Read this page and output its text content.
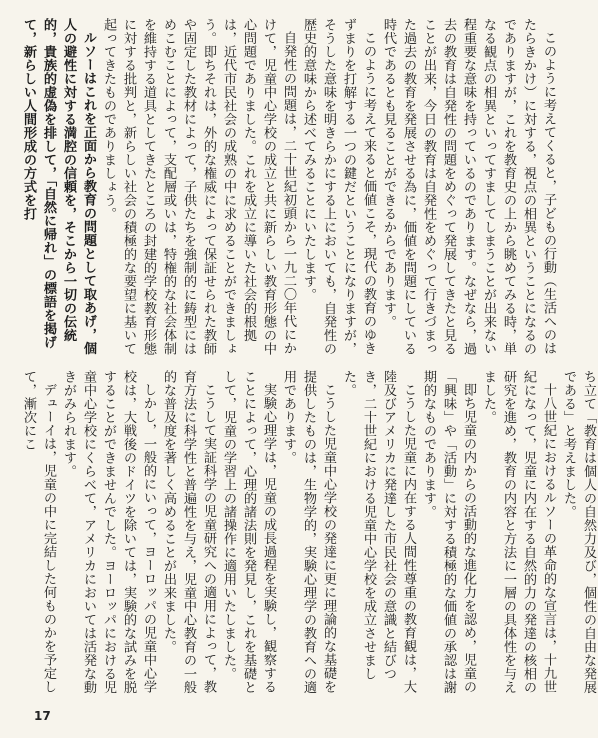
このように考えてくると，子どもの行動（生活へのはたらきかけ）に対する，視点の相異ということになるのでありますが，これを教育史の上から眺めてみる時，単なる観点の相異といってすましてしまうことが出来ない程重要な意味を持っているのであります。なぜなら，過去の教育は自発性の問題をめぐって発展してきたと見ることが出来，今日の教育は自発性をめぐって行きづまった過去の教育を発展させる為に，価値を問題にしている時代であるとも見ることができるからであります。

このように考えて来ると価値こそ，現代の教育のゆきずまりを打解する一つの鍵だということになりますが，そうした意味を明きらかにする上においても，自発性の歴史的意味から述べてみることにいたします。

自発性の問題は，二十世紀初頭から一九二〇年代にかけて，児童中心学校の成立と共に新らしい教育形態の中心問題でありました。これを成立に導いた社会的根拠は，近代市民社会の成熟の中に求めることができましょう。即ちそれは，外的な権威によって保証せられた教師や固定した教材によって，子供たちを強制的に鋳型にはめこむことによって，支配層或いは，特権的な社会体制を維持する道具としてきたところの封建的学校教育形態に対する批判と，新らしい社会の積極的な要望に基いて起ってきたものでありましょう。

ルソーはこれを正面から教育の問題として取あげ，個人の避性に対する満腔の信頼を，そこから一切の伝統的，貴族的虚偽を排して，「自然に帰れ」の標語を掲げて，新らしい人間形成の方式を打

ち立て「教育は個人の自然力及び，個性の自由な発展である」と考えました。

十八世紀におけるルソーの革命的な宣言は，十九世紀になって，児童に内在する自然的力の発達の核相の研究を進め，教育の内容と方法に一層の具体性を与えました。

即ち児童の内からの活動的な進化力を認め，児童の「興味」や「活動」に対する積極的な価値の承認は謝期的なものであります。

こうした児童に内在する人間性尊重の教育観は，大陸及びアメリカに発達した市民社会の意識と結びつき，二十世紀における児童中心学校を成立させました。

こうした児童中心学校の発達に更に理論的な基礎を提供したものは，生物学的，実験心理学の教育への適用であります。

実験心理学は，児童の成長過程を実験し，観察することによって，心理的諸法則を発見し，これを基礎として，児童の学習上の諸操作に適用いたしました。

こうして実証科学の児童研究への適用によって，教育方法に科学性と普遍性を与え，児童中心教育の一般的な普及度を著しく高めることが出来ました。

しかし，一般的にいって，ヨーロッパの児童中心学校は，大戦後のドイツを除いては，実験的な試みを脱することができませんでした。ヨーロッパにおける児童中心学校にくらべて，アメリカにおいては活発な動きがみられます。

デューイは，児童の中に完結した何ものかを予定して，漸次にこ

17
